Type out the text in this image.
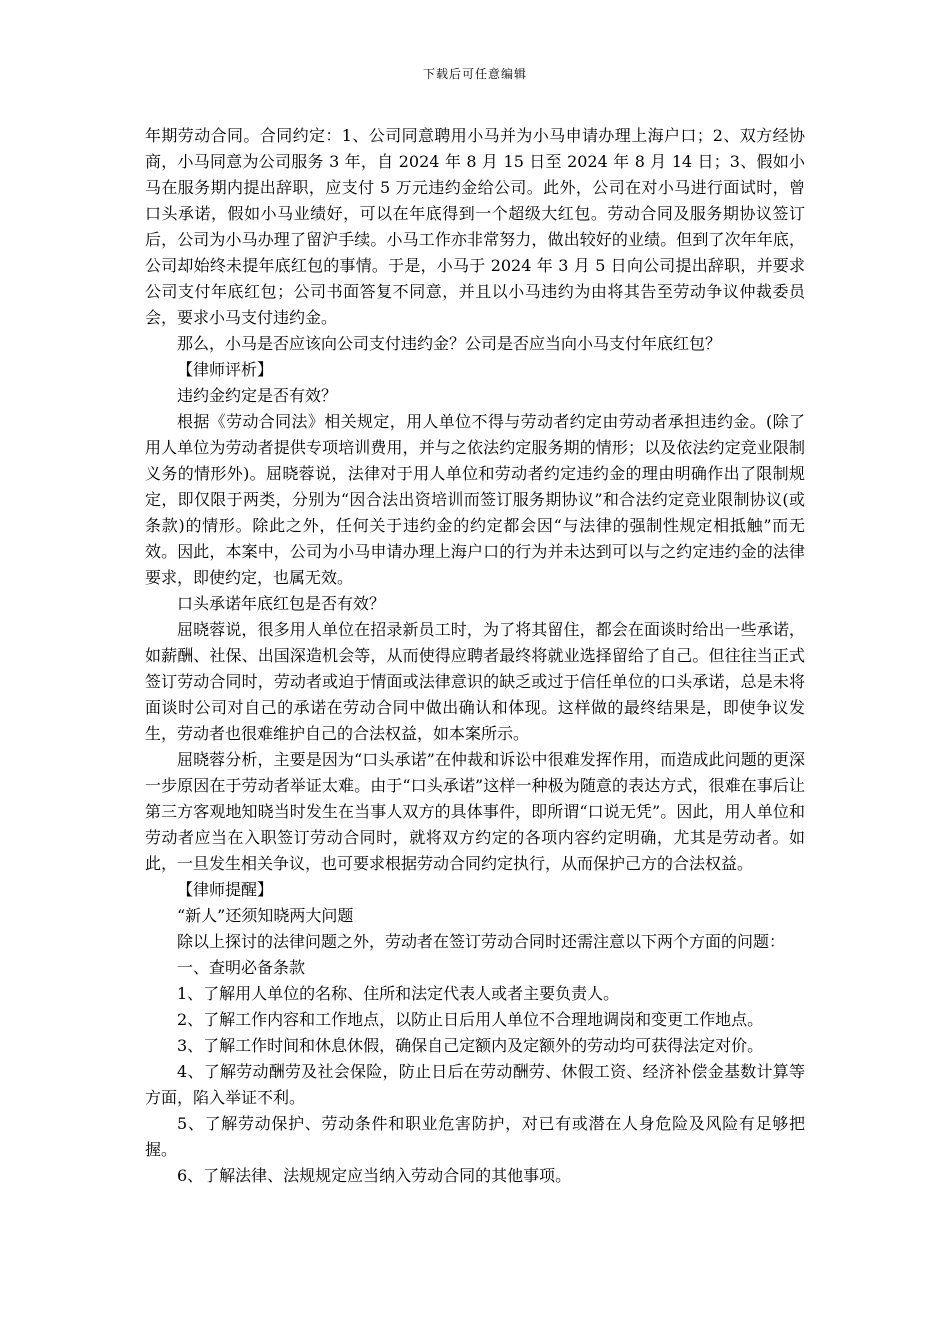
下载后可任意编辑

年期劳动合同。合同约定：1、公司同意聘用小马并为小马申请办理上海户口；2、双方经协商，小马同意为公司服务 3 年，自 2024 年 8 月 15 日至 2024 年 8 月 14 日；3、假如小马在服务期内提出辞职，应支付 5 万元违约金给公司。此外，公司在对小马进行面试时，曾口头承诺，假如小马业绩好，可以在年底得到一个超级大红包。劳动合同及服务期协议签订后，公司为小马办理了留沪手续。小马工作亦非常努力，做出较好的业绩。但到了次年年底，公司却始终未提年底红包的事情。于是，小马于 2024 年 3 月 5 日向公司提出辞职，并要求公司支付年底红包；公司书面答复不同意，并且以小马违约为由将其告至劳动争议仲裁委员会，要求小马支付违约金。

那么，小马是否应该向公司支付违约金？公司是否应当向小马支付年底红包？

【律师评析】

违约金约定是否有效？

根据《劳动合同法》相关规定，用人单位不得与劳动者约定由劳动者承担违约金。(除了用人单位为劳动者提供专项培训费用，并与之依法约定服务期的情形；以及依法约定竞业限制义务的情形外)。屈晓蓉说，法律对于用人单位和劳动者约定违约金的理由明确作出了限制规定，即仅限于两类，分别为“因合法出资培训而签订服务期协议”和合法约定竞业限制协议(或条款)的情形。除此之外，任何关于违约金的约定都会因“与法律的强制性规定相抵触”而无效。因此，本案中，公司为小马申请办理上海户口的行为并未达到可以与之约定违约金的法律要求，即使约定，也属无效。

口头承诺年底红包是否有效？

屈晓蓉说，很多用人单位在招录新员工时，为了将其留住，都会在面谈时给出一些承诺，如薪酬、社保、出国深造机会等，从而使得应聘者最终将就业选择留给了自己。但往往当正式签订劳动合同时，劳动者或迫于情面或法律意识的缺乏或过于信任单位的口头承诺，总是未将面谈时公司对自己的承诺在劳动合同中做出确认和体现。这样做的最终结果是，即使争议发生，劳动者也很难维护自己的合法权益，如本案所示。

屈晓蓉分析，主要是因为“口头承诺”在仲裁和诉讼中很难发挥作用，而造成此问题的更深一步原因在于劳动者举证太难。由于“口头承诺”这样一种极为随意的表达方式，很难在事后让第三方客观地知晓当时发生在当事人双方的具体事件，即所谓“口说无凭”。因此，用人单位和劳动者应当在入职签订劳动合同时，就将双方约定的各项内容约定明确，尤其是劳动者。如此，一旦发生相关争议，也可要求根据劳动合同约定执行，从而保护己方的合法权益。

【律师提醒】

“新人”还须知晓两大问题

除以上探讨的法律问题之外，劳动者在签订劳动合同时还需注意以下两个方面的问题：

一、查明必备条款

1、了解用人单位的名称、住所和法定代表人或者主要负责人。

2、了解工作内容和工作地点，以防止日后用人单位不合理地调岗和变更工作地点。

3、了解工作时间和休息休假，确保自己定额内及定额外的劳动均可获得法定对价。

4、了解劳动酬劳及社会保险，防止日后在劳动酬劳、休假工资、经济补偿金基数计算等方面，陷入举证不利。

5、了解劳动保护、劳动条件和职业危害防护，对已有或潜在人身危险及风险有足够把握。

6、了解法律、法规规定应当纳入劳动合同的其他事项。
